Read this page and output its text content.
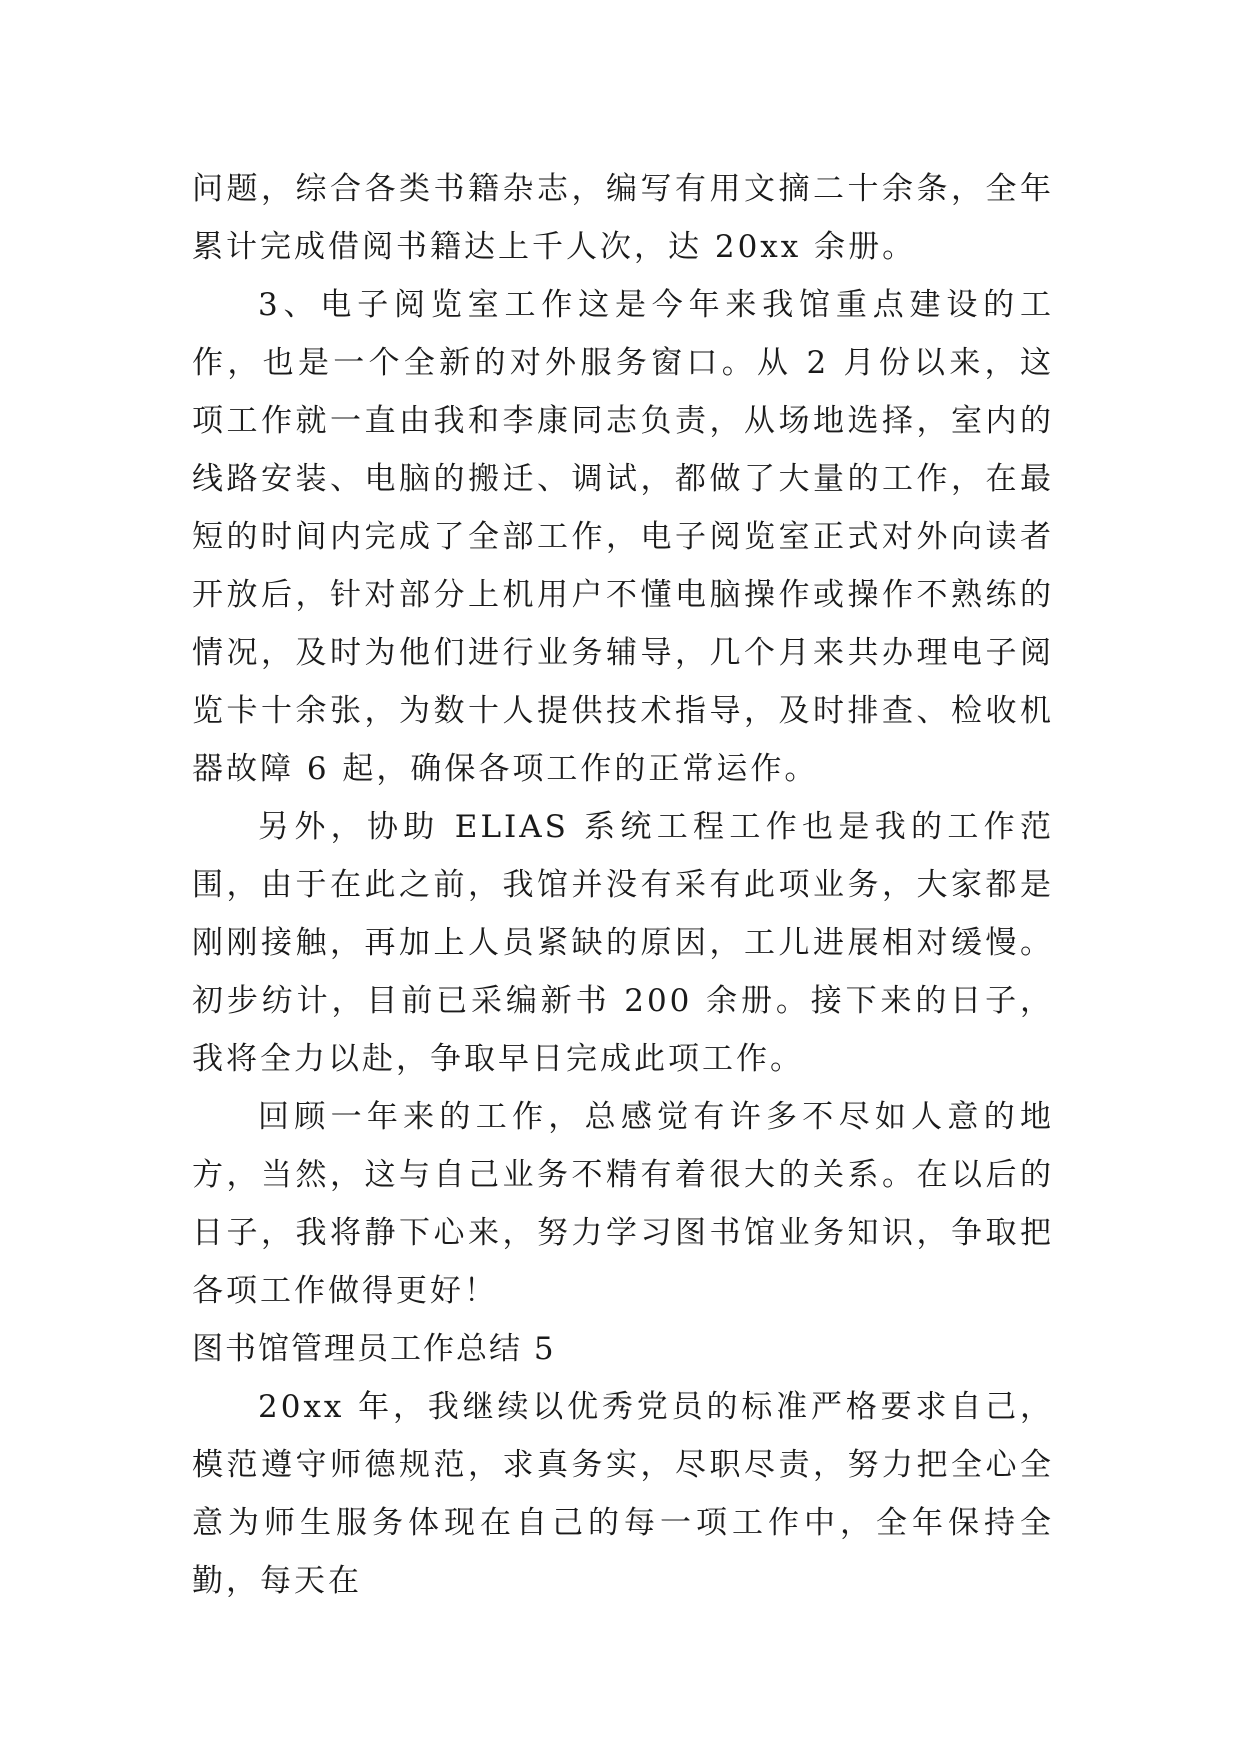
问题，综合各类书籍杂志，编写有用文摘二十余条，全年累计完成借阅书籍达上千人次，达 20xx 余册。

3、电子阅览室工作这是今年来我馆重点建设的工作，也是一个全新的对外服务窗口。从 2 月份以来，这项工作就一直由我和李康同志负责，从场地选择，室内的线路安装、电脑的搬迁、调试，都做了大量的工作，在最短的时间内完成了全部工作，电子阅览室正式对外向读者开放后，针对部分上机用户不懂电脑操作或操作不熟练的情况，及时为他们进行业务辅导，几个月来共办理电子阅览卡十余张，为数十人提供技术指导，及时排查、检收机器故障 6 起，确保各项工作的正常运作。

另外，协助 ELIAS 系统工程工作也是我的工作范围，由于在此之前，我馆并没有采有此项业务，大家都是刚刚接触，再加上人员紧缺的原因，工儿进展相对缓慢。初步纺计，目前已采编新书 200 余册。接下来的日子，我将全力以赴，争取早日完成此项工作。

回顾一年来的工作，总感觉有许多不尽如人意的地方，当然，这与自己业务不精有着很大的关系。在以后的日子，我将静下心来，努力学习图书馆业务知识，争取把各项工作做得更好！

图书馆管理员工作总结 5

20xx 年，我继续以优秀党员的标准严格要求自己，模范遵守师德规范，求真务实，尽职尽责，努力把全心全意为师生服务体现在自己的每一项工作中，全年保持全勤，每天在
